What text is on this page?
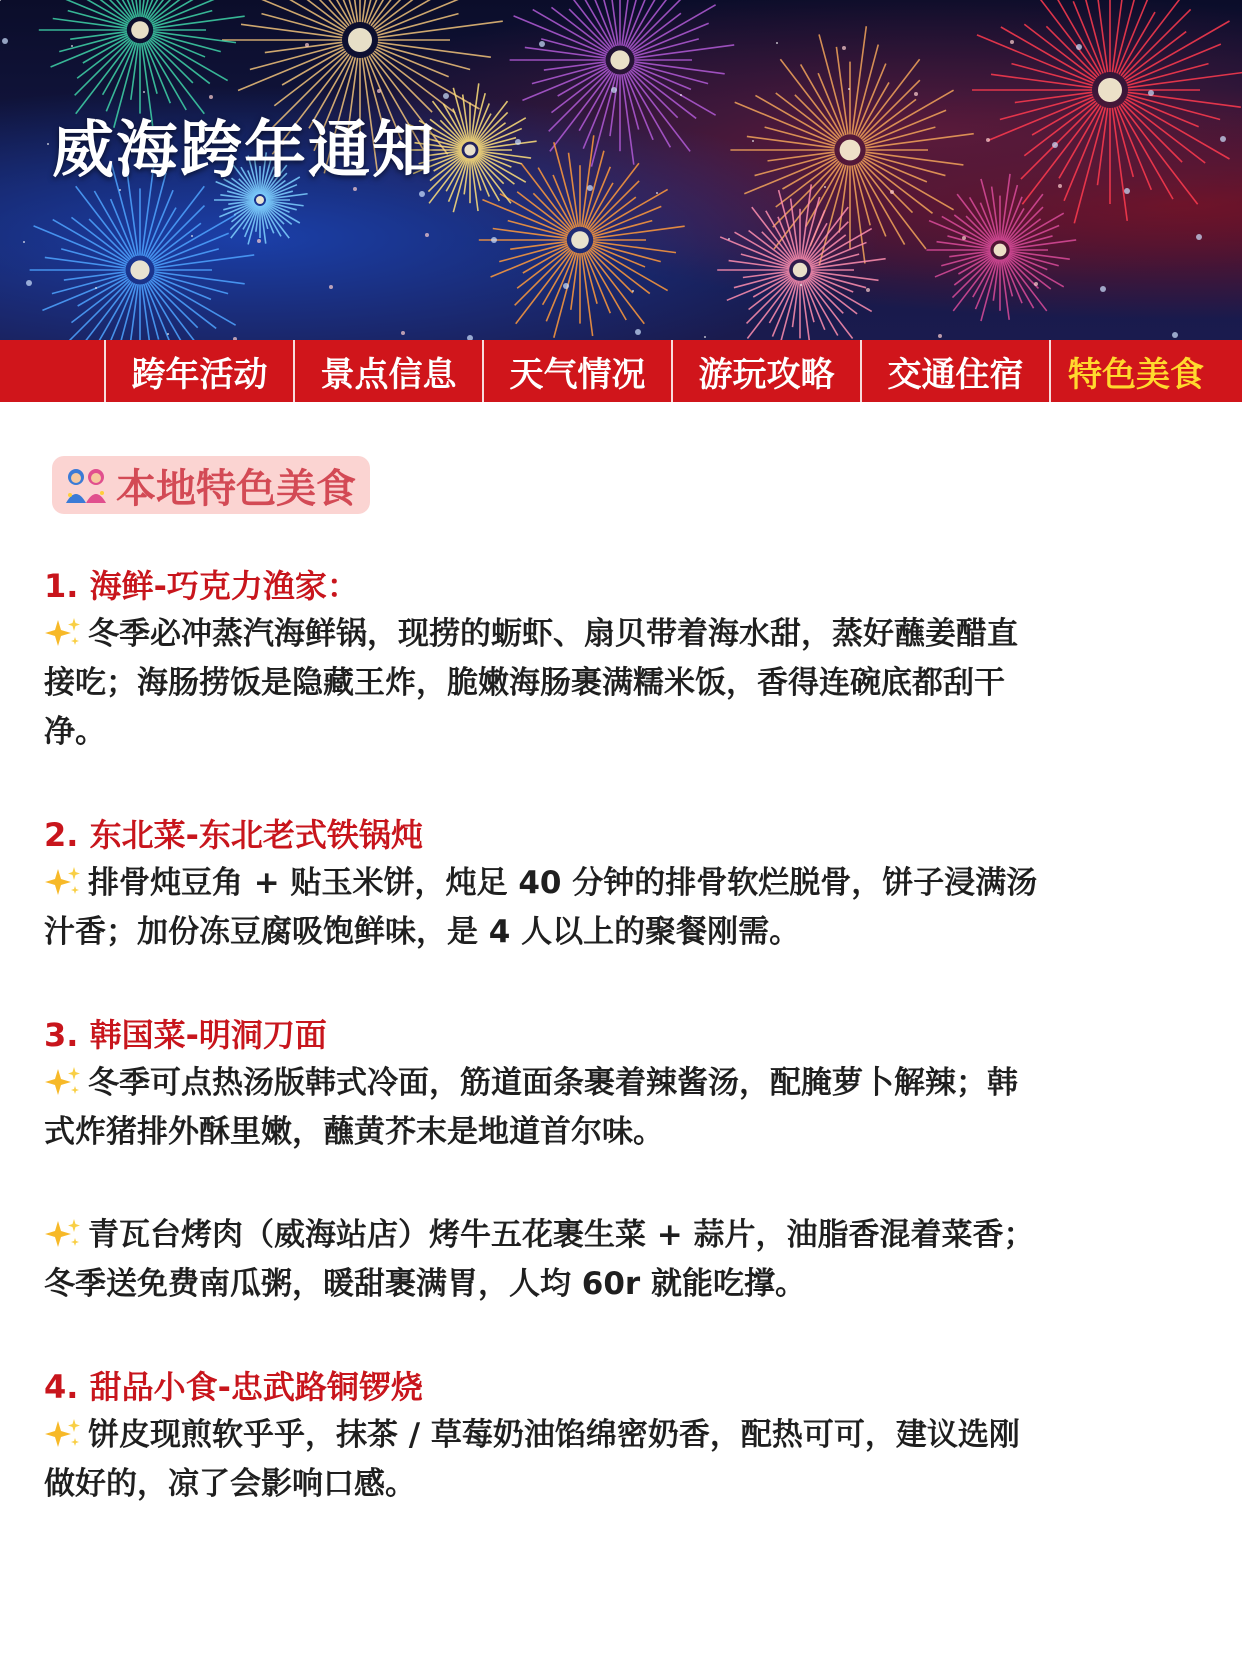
威海跨年通知
跨年活动	景点信息	天气情况	游玩攻略	交通住宿	特色美食
本地特色美食

1. 海鲜-巧克力渔家：

冬季必冲蒸汽海鲜锅，现捞的蛎虾、扇贝带着海水甜，蒸好蘸姜醋直接吃；海肠捞饭是隐藏王炸，脆嫩海肠裹满糯米饭，香得连碗底都刮干净。

2. 东北菜-东北老式铁锅炖

排骨炖豆角 + 贴玉米饼，炖足 40 分钟的排骨软烂脱骨，饼子浸满汤汁香；加份冻豆腐吸饱鲜味，是 4 人以上的聚餐刚需。

3. 韩国菜-明洞刀面

冬季可点热汤版韩式冷面，筋道面条裹着辣酱汤，配腌萝卜解辣；韩式炸猪排外酥里嫩，蘸黄芥末是地道首尔味。

青瓦台烤肉（威海站店）烤牛五花裹生菜 + 蒜片，油脂香混着菜香；冬季送免费南瓜粥，暖甜裹满胃，人均 60r 就能吃撑。

4. 甜品小食-忠武路铜锣烧

饼皮现煎软乎乎，抹茶 / 草莓奶油馅绵密奶香，配热可可，建议选刚做好的，凉了会影响口感。
